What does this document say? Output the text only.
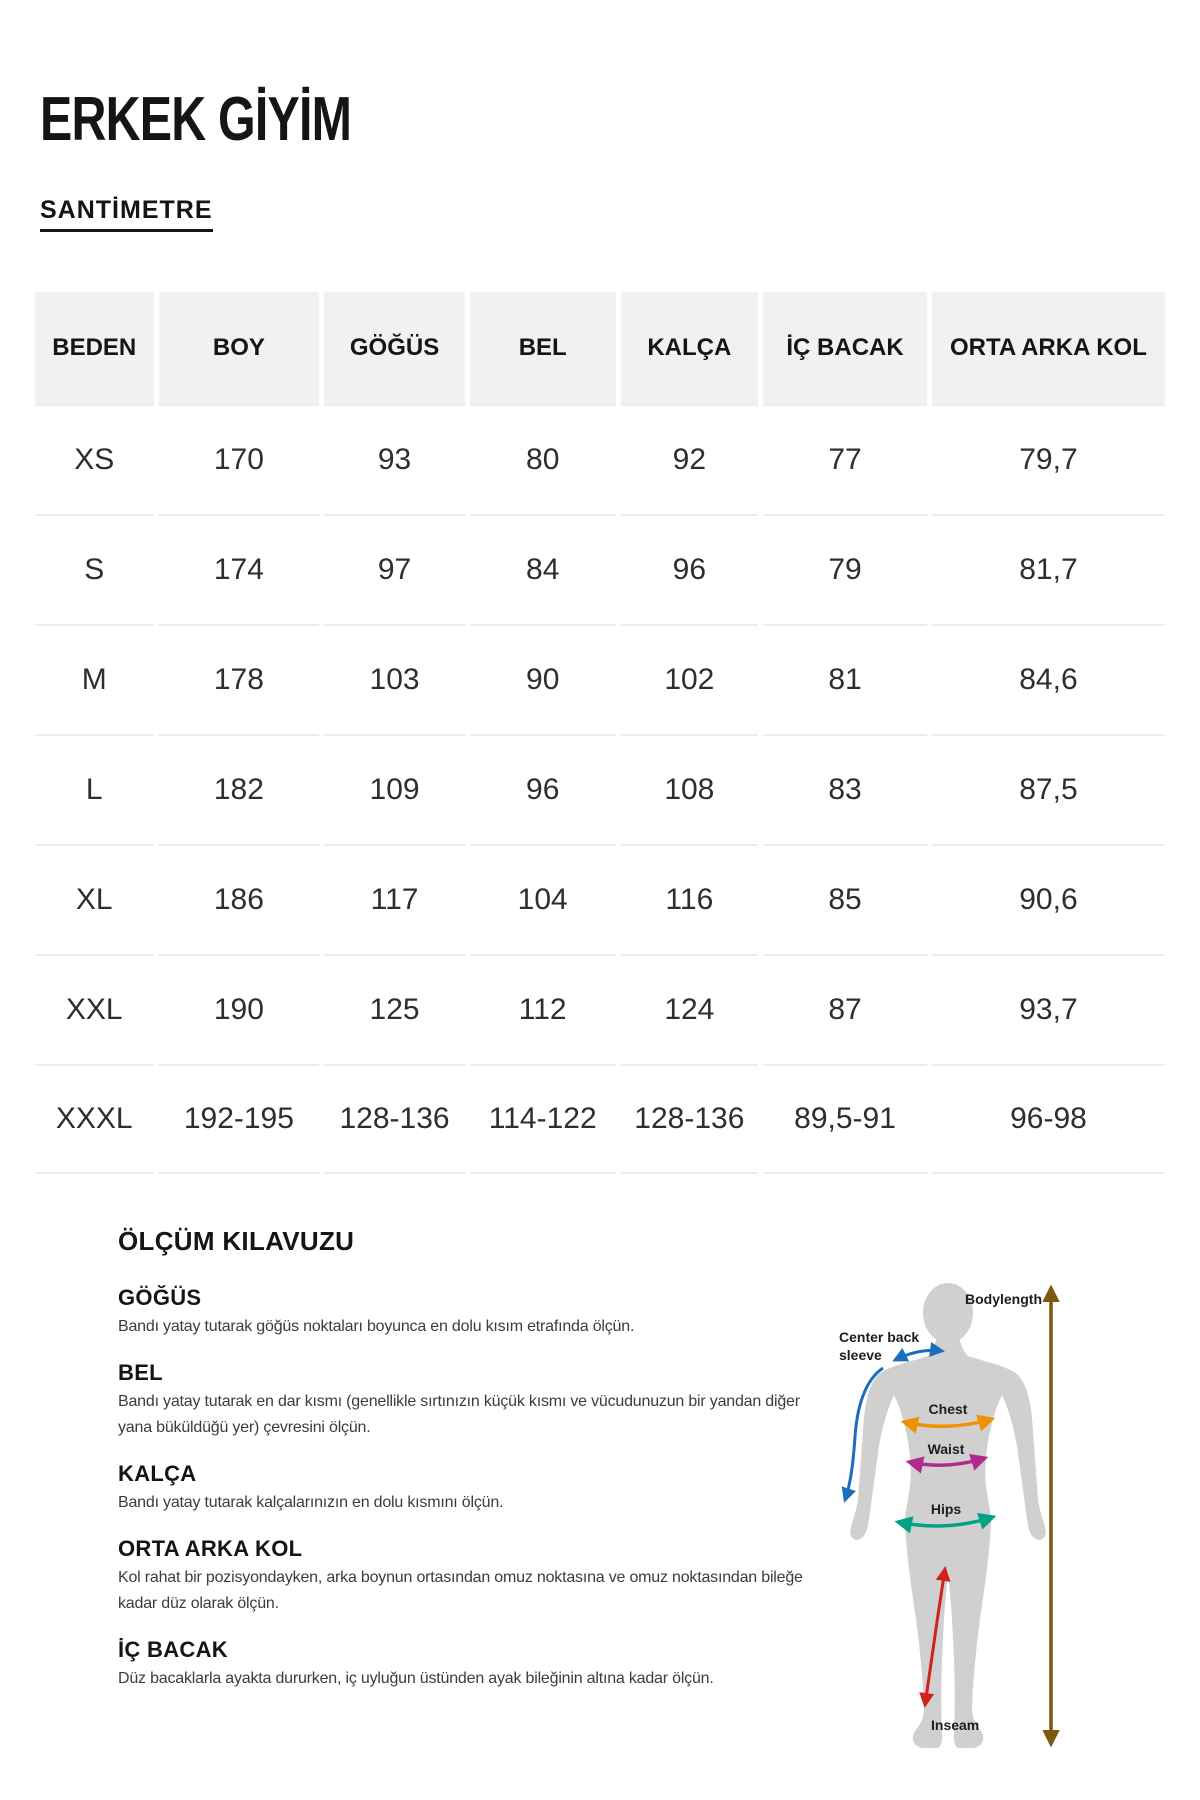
ERKEK GİYİM
SANTİMETRE
BEDEN	BOY	GÖĞÜS	BEL	KALÇA	İÇ BACAK	ORTA ARKA KOL
XS	170	93	80	92	77	79,7
S	174	97	84	96	79	81,7
M	178	103	90	102	81	84,6
L	182	109	96	108	83	87,5
XL	186	117	104	116	85	90,6
XXL	190	125	112	124	87	93,7
XXXL	192-195	128-136	114-122	128-136	89,5-91	96-98
ÖLÇÜM KILAVUZU
GÖĞÜS

Bandı yatay tutarak göğüs noktaları boyunca en dolu kısım etrafında ölçün.

BEL

Bandı yatay tutarak en dar kısmı (genellikle sırtınızın küçük kısmı ve vücudunuzun bir yandan diğer yana büküldüğü yer) çevresini ölçün.

KALÇA

Bandı yatay tutarak kalçalarınızın en dolu kısmını ölçün.

ORTA ARKA KOL

Kol rahat bir pozisyondayken, arka boynun ortasından omuz noktasına ve omuz noktasından bileğe kadar düz olarak ölçün.

İÇ BACAK

Düz bacaklarla ayakta dururken, iç uyluğun üstünden ayak bileğinin altına kadar ölçün.

Bodylength
Center back sleeve
Chest
Waist
Hips
Inseam
